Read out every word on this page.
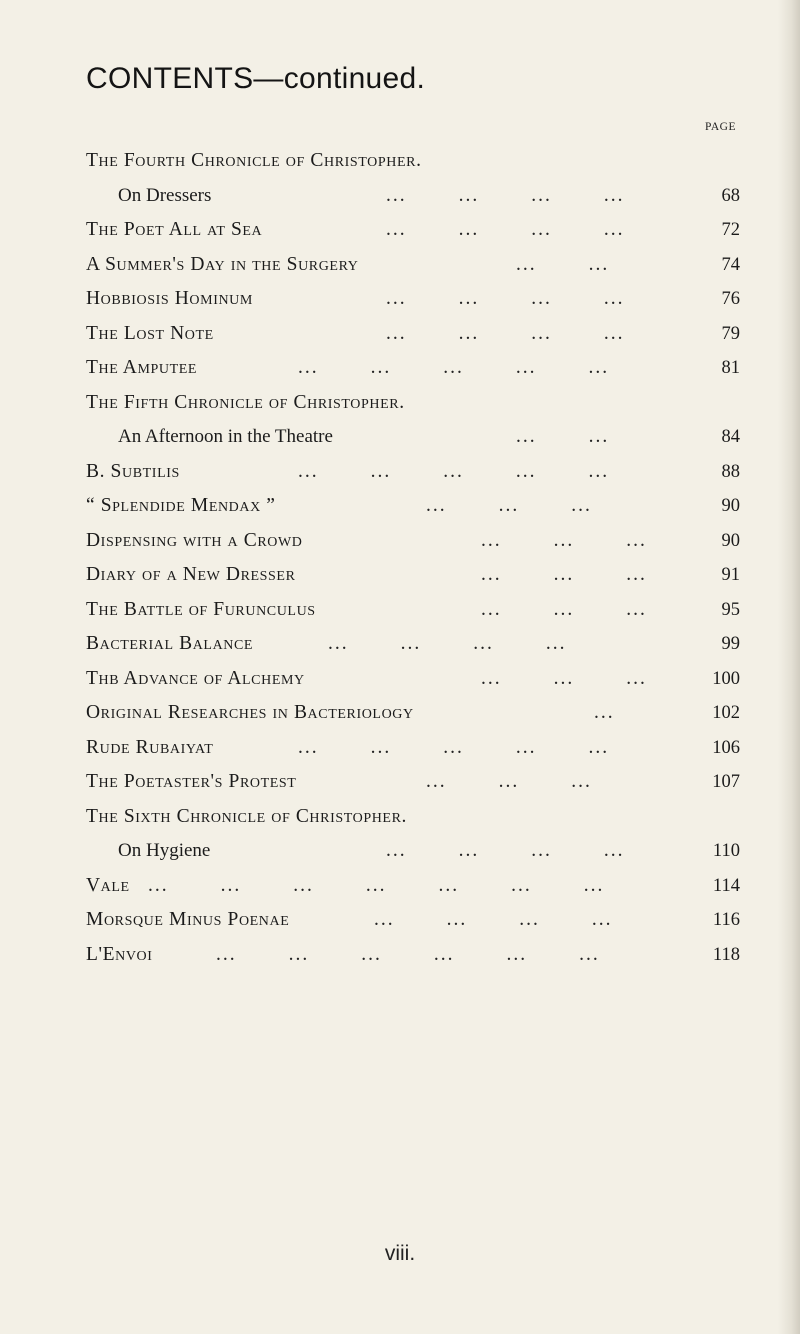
CONTENTS—continued.
PAGE
The Fourth Chronicle of Christopher.
On Dressers	...	...	...	...	68
The Poet All at Sea	...	...	...	...	72
A Summer's Day in the Surgery	...	...	74
Hobbiosis Hominum	...	...	...	...	76
The Lost Note	...	...	...	...	79
The Amputee	...	...	...	...	...	81
The Fifth Chronicle of Christopher.
An Afternoon in the Theatre	...	...	84
B. Subtilis	...	...	...	...	...	88
“ Splendide Mendax ”	...	...	...	90
Dispensing with a Crowd	...	...	...	90
Diary of a New Dresser	...	...	...	91
The Battle of Furunculus	...	...	...	95
Bacterial Balance	...	...	...	...	99
Thb Advance of Alchemy	...	...	...	100
Original Researches in Bacteriology	...	102
Rude Rubaiyat	...	...	...	...	...	106
The Poetaster's Protest	...	...	...	107
The Sixth Chronicle of Christopher.
On Hygiene	...	...	...	...	110
Vale ...	...	...	...	...	...	...	114
Morsque Minus Poenae	...	...	...	...	116
L'Envoi	...	...	...	...	...	...	118
viii.
